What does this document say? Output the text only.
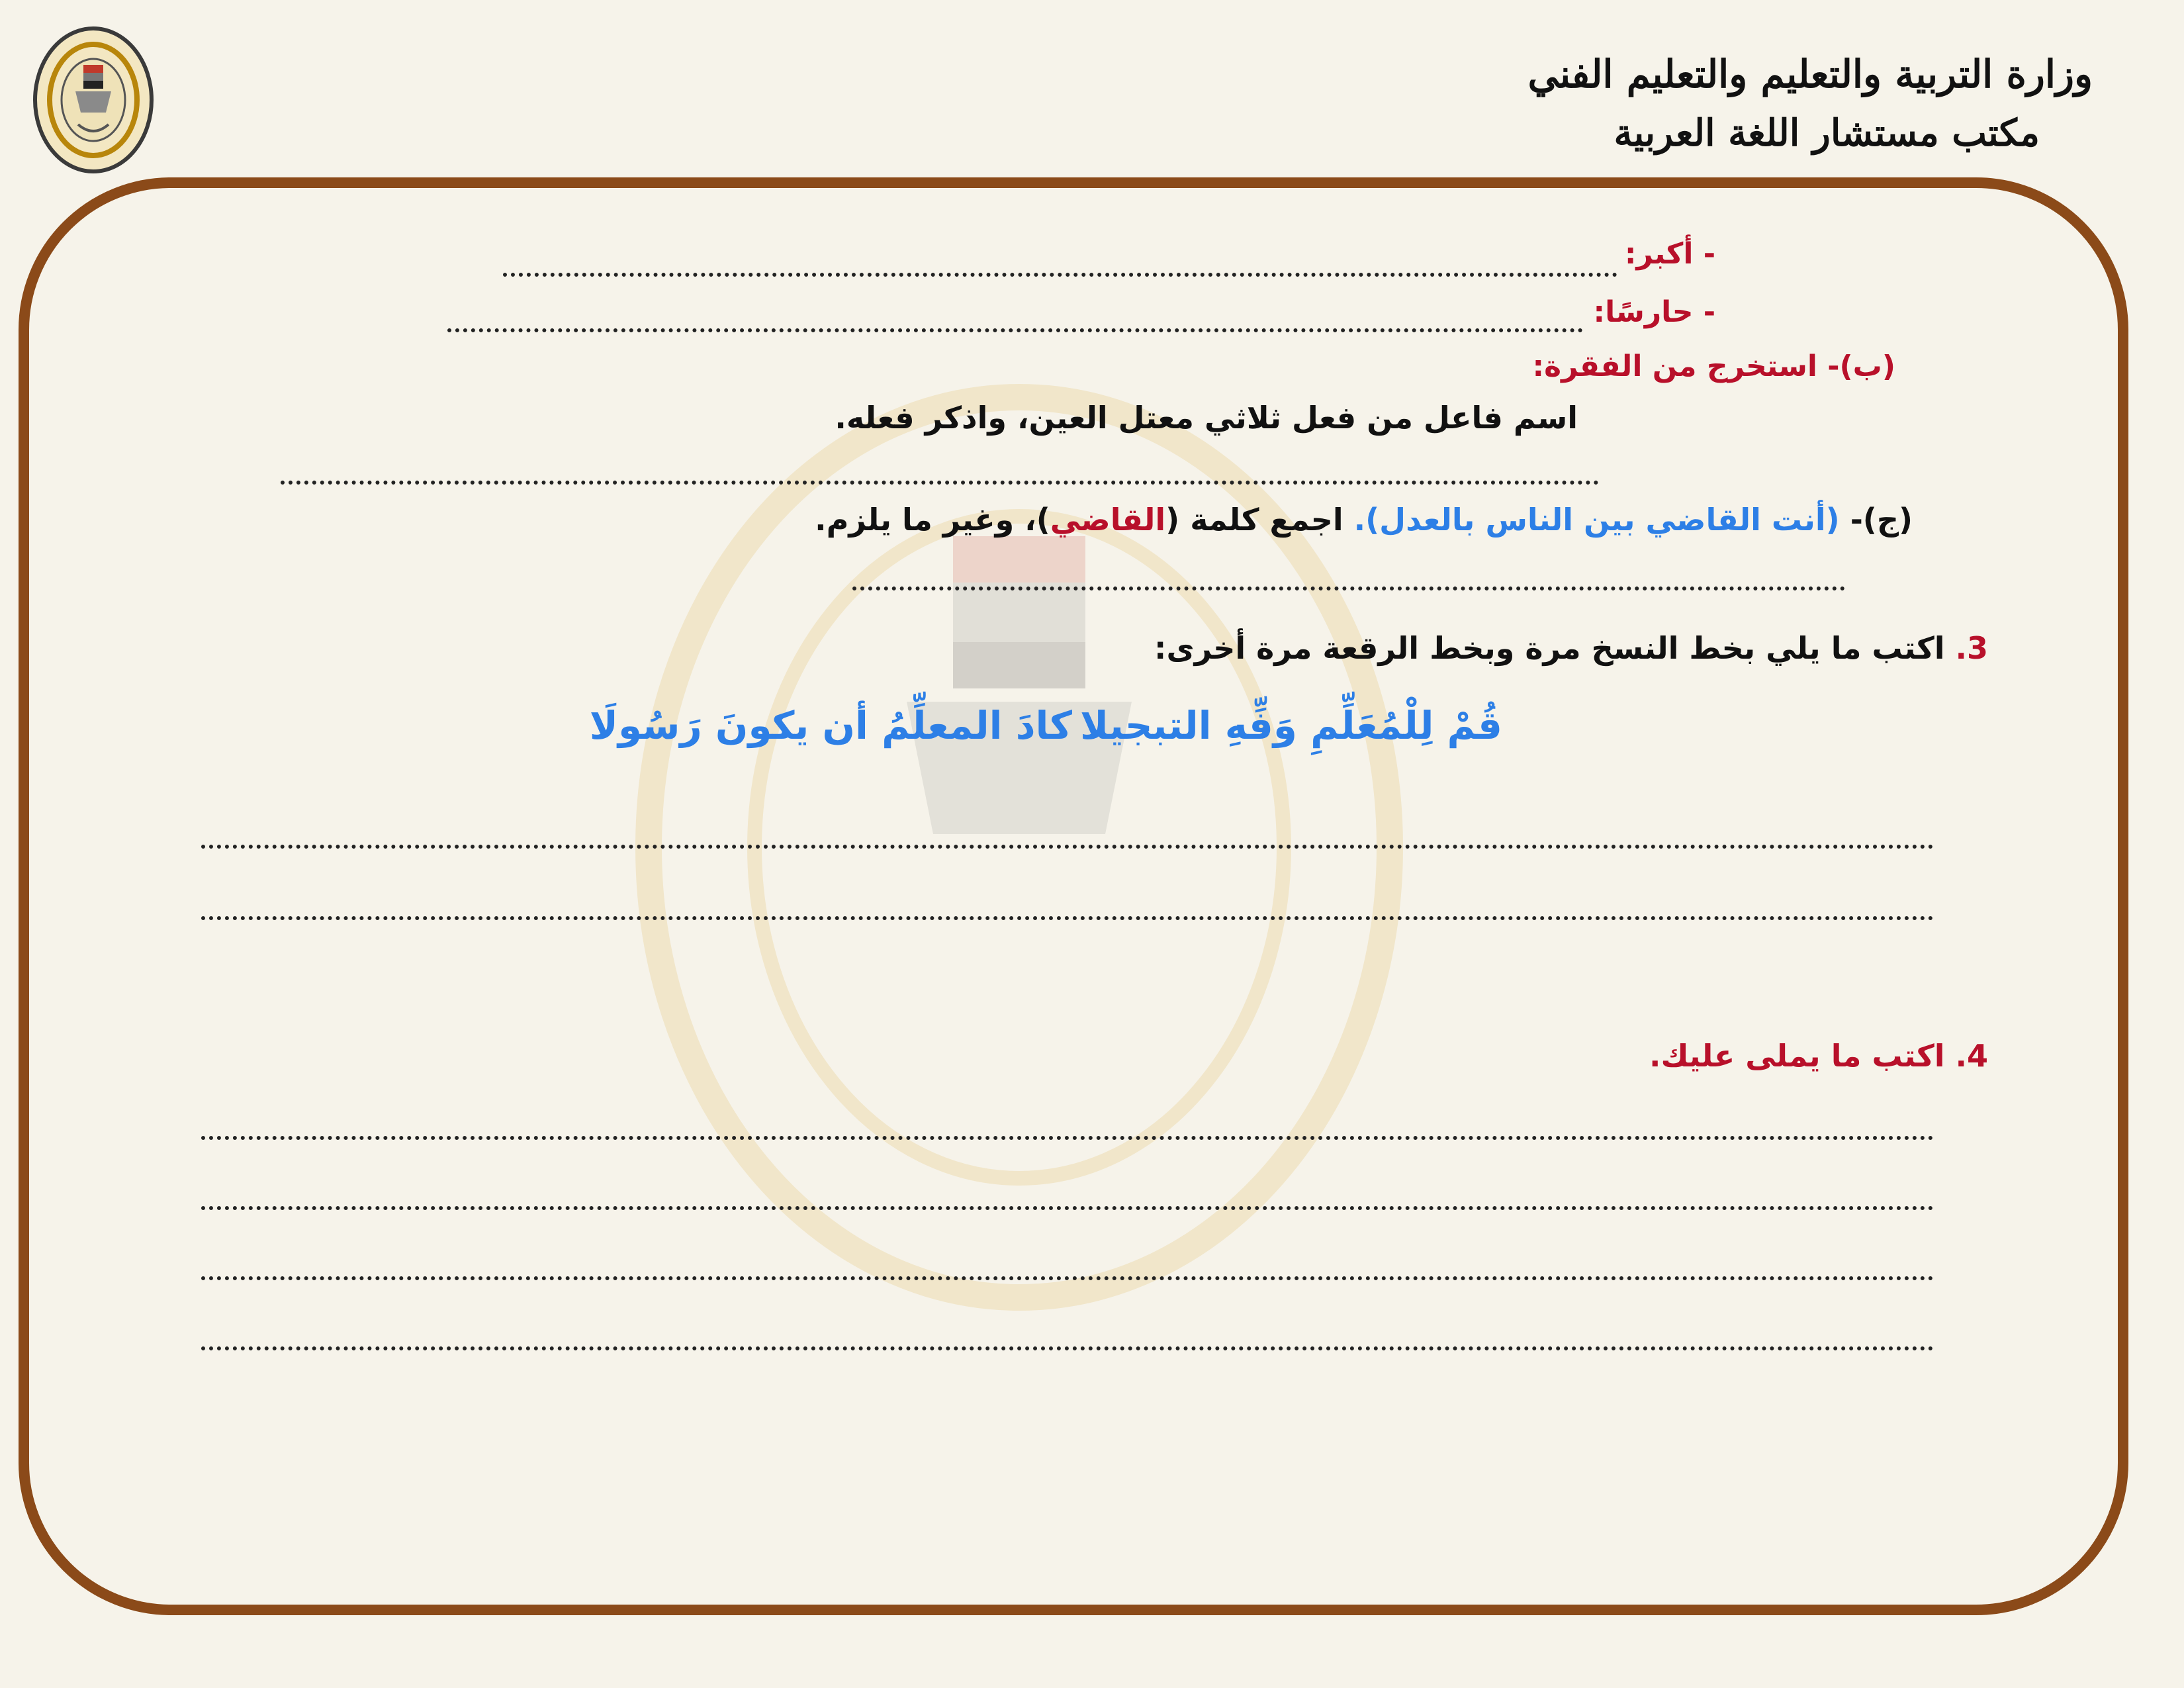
وزارة التربية والتعليم والتعليم الفني
مكتب مستشار اللغة العربية
- أكبر:
- حارسًا:
(ب)- استخرج من الفقرة:
اسم فاعل من فعل ثلاثي معتل العين، واذكر فعله.
(ج)- (أنت القاضي بين الناس بالعدل). اجمع كلمة (القاضي)، وغير ما يلزم.
3. اكتب ما يلي بخط النسخ مرة وبخط الرقعة مرة أخرى:
قُمْ لِلْمُعَلِّمِ وَفِّهِ التبجيلا
كادَ المعلِّمُ أن يكونَ رَسُولَا
4. اكتب ما يملى عليك.
